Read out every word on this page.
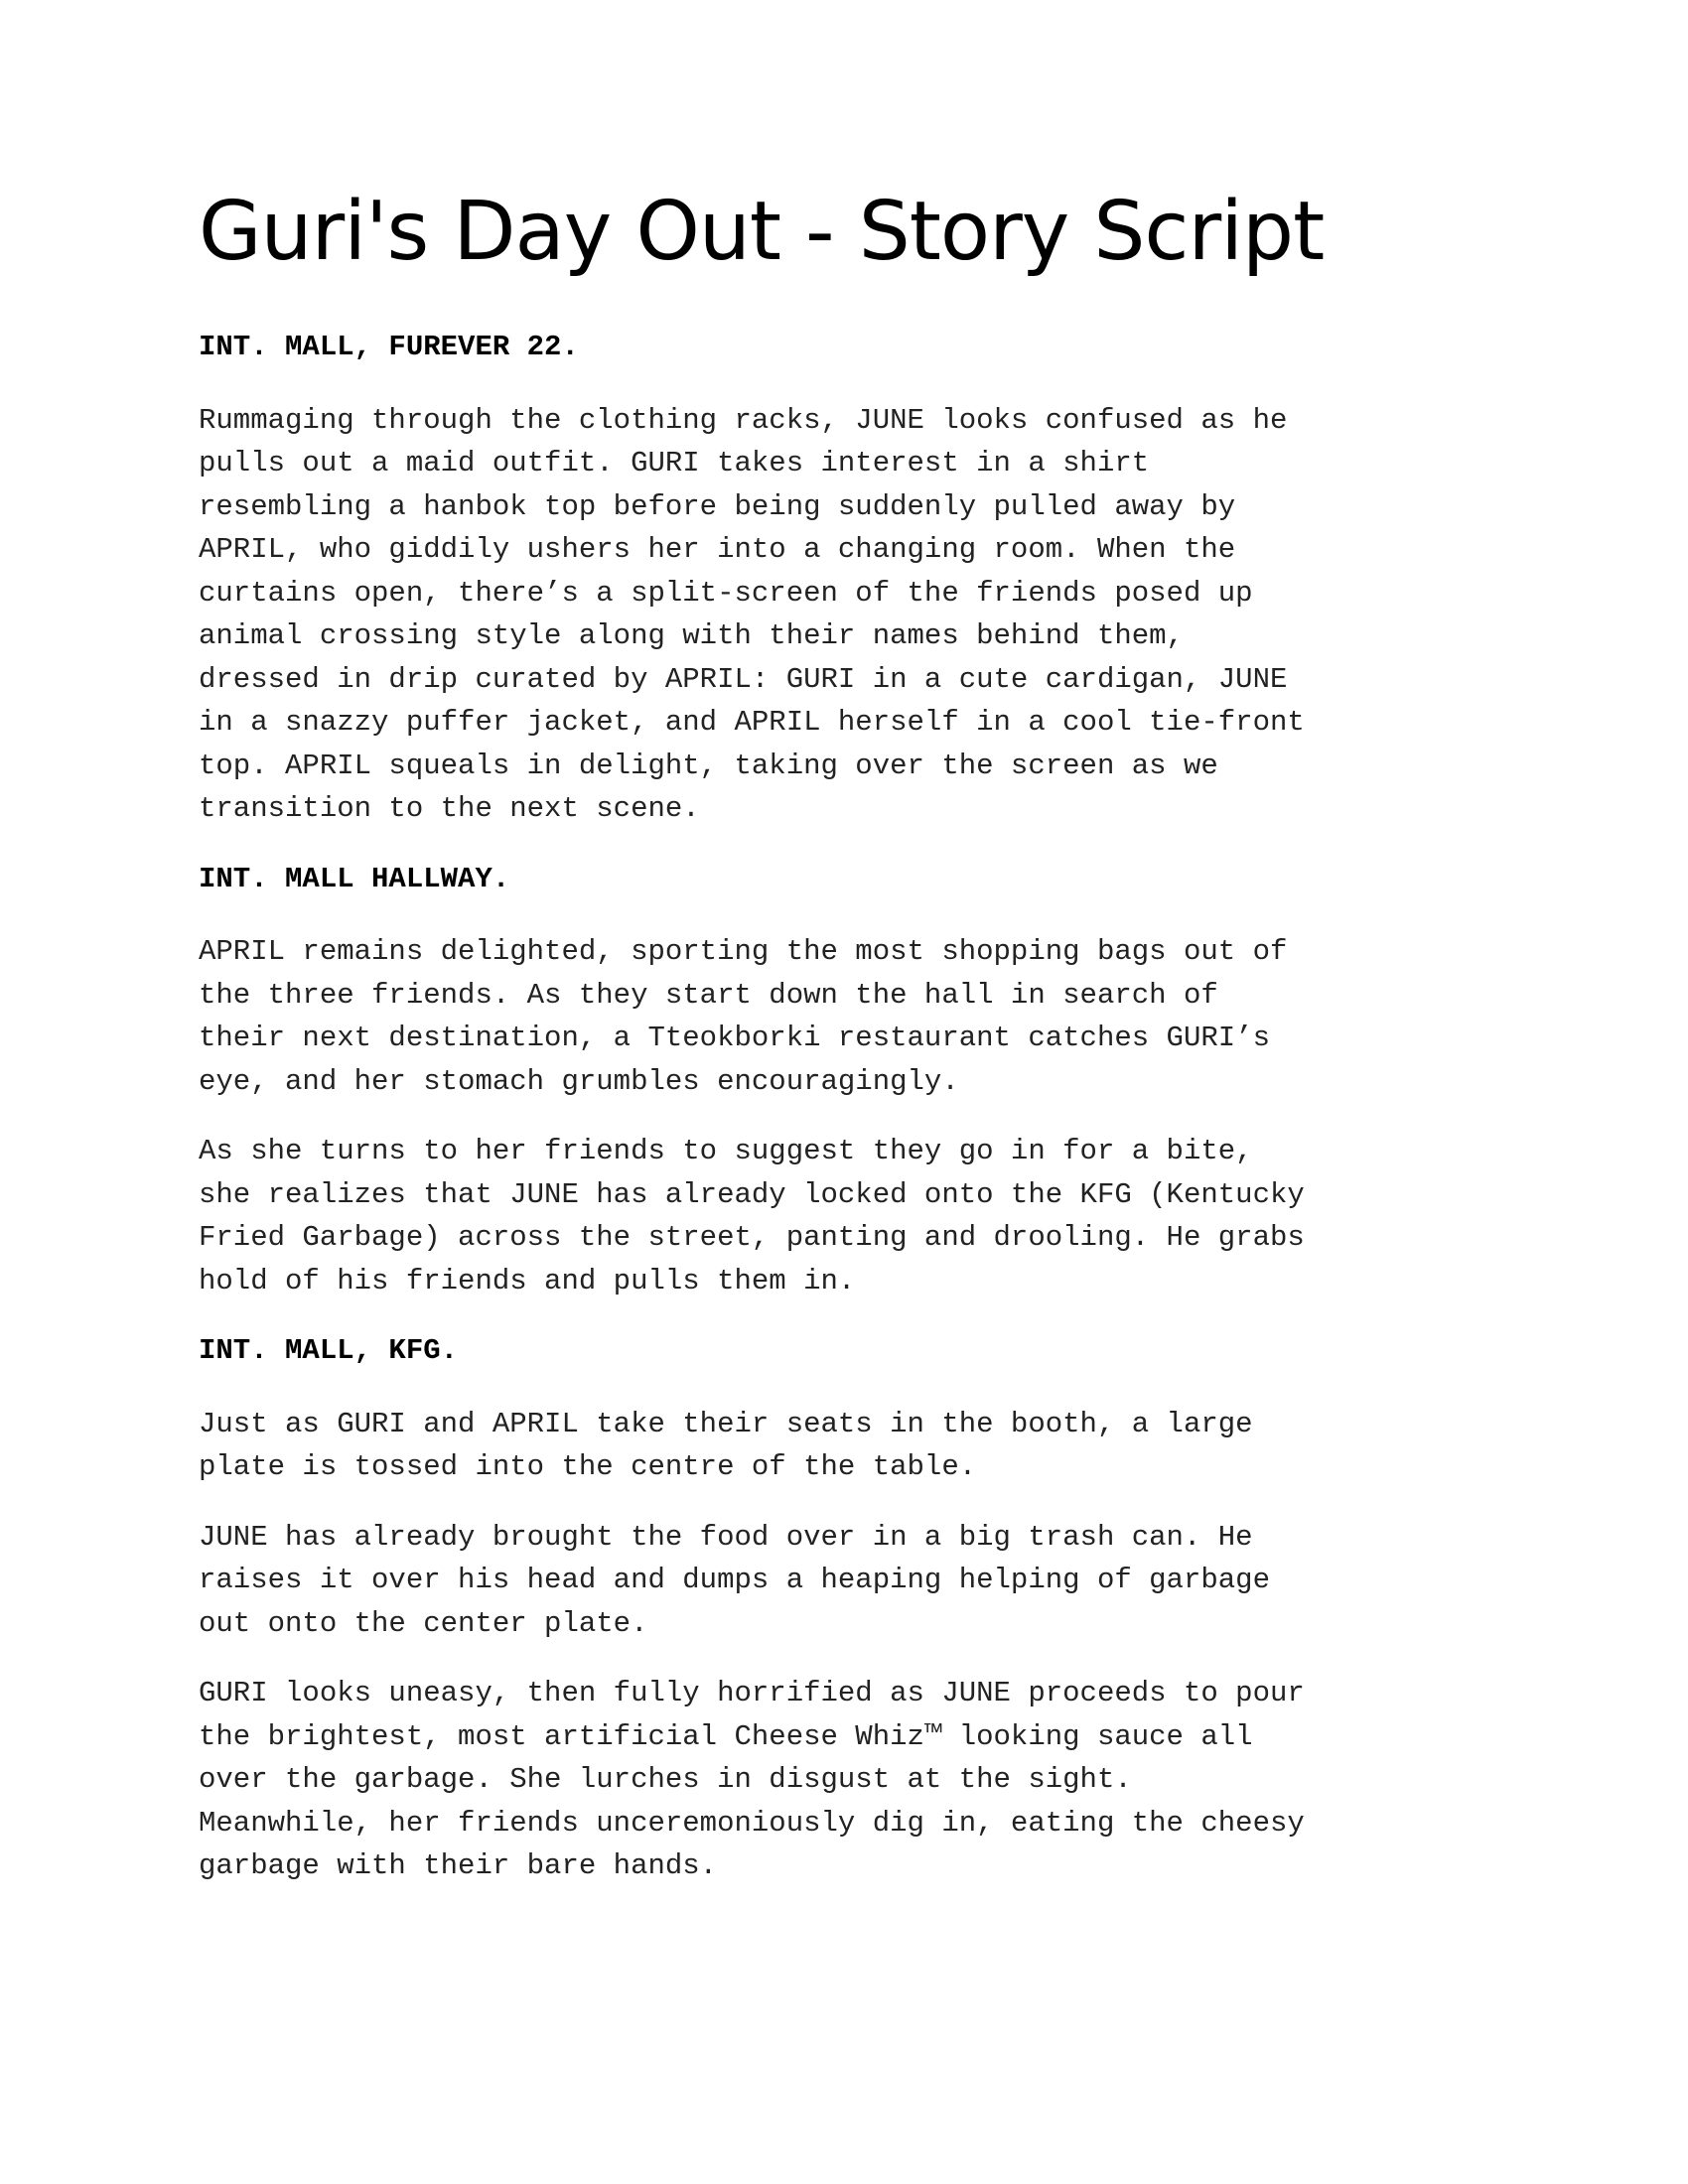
Guri's Day Out - Story Script
INT. MALL, FUREVER 22.

Rummaging through the clothing racks, JUNE looks confused as he
pulls out a maid outfit. GURI takes interest in a shirt
resembling a hanbok top before being suddenly pulled away by
APRIL, who giddily ushers her into a changing room. When the
curtains open, there’s a split-screen of the friends posed up
animal crossing style along with their names behind them,
dressed in drip curated by APRIL: GURI in a cute cardigan, JUNE
in a snazzy puffer jacket, and APRIL herself in a cool tie-front
top. APRIL squeals in delight, taking over the screen as we
transition to the next scene.

INT. MALL HALLWAY.

APRIL remains delighted, sporting the most shopping bags out of
the three friends. As they start down the hall in search of
their next destination, a Tteokborki restaurant catches GURI’s
eye, and her stomach grumbles encouragingly.

As she turns to her friends to suggest they go in for a bite,
she realizes that JUNE has already locked onto the KFG (Kentucky
Fried Garbage) across the street, panting and drooling. He grabs
hold of his friends and pulls them in.

INT. MALL, KFG.

Just as GURI and APRIL take their seats in the booth, a large
plate is tossed into the centre of the table.

JUNE has already brought the food over in a big trash can. He
raises it over his head and dumps a heaping helping of garbage
out onto the center plate.

GURI looks uneasy, then fully horrified as JUNE proceeds to pour
the brightest, most artificial Cheese Whiz™ looking sauce all
over the garbage. She lurches in disgust at the sight.
Meanwhile, her friends unceremoniously dig in, eating the cheesy
garbage with their bare hands.
